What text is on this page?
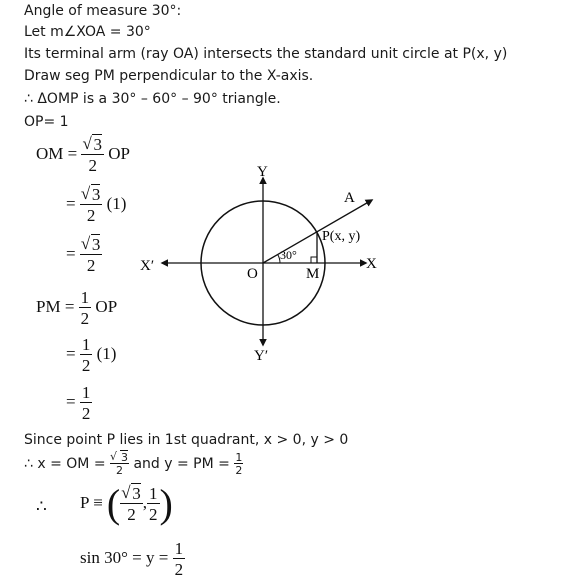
Angle of measure 30°:
Let m∠XOA = 30°
Its terminal arm (ray OA) intersects the standard unit circle at P(x, y)
Draw seg PM perpendicular to the X-axis.
∴ ΔOMP is a 30° – 60° – 90° triangle.
OP= 1
OM = √ $\frac{3}{2}$ OP
= √ $\frac{3}{2} (1)$
= √ $\frac{3}{2}$
PM = $\frac{1}{2}$ OP
= $\frac{1}{2} (1)$
= $\frac{1}{2}$
Y
Y′
X
X′	O	M
A
P(x, y)
30°
Since point P lies in 1st quadrant, x > 0, y > 0
∴ x = OM = √ $\frac{3}{2}$ and y = PM = $\frac{1}{2}$
∴ P ≡ ( √ $\frac{3}{2}$ , $\frac{1}{2}$ )
$\sin 30^\circ = y = \frac{1}{2}$
